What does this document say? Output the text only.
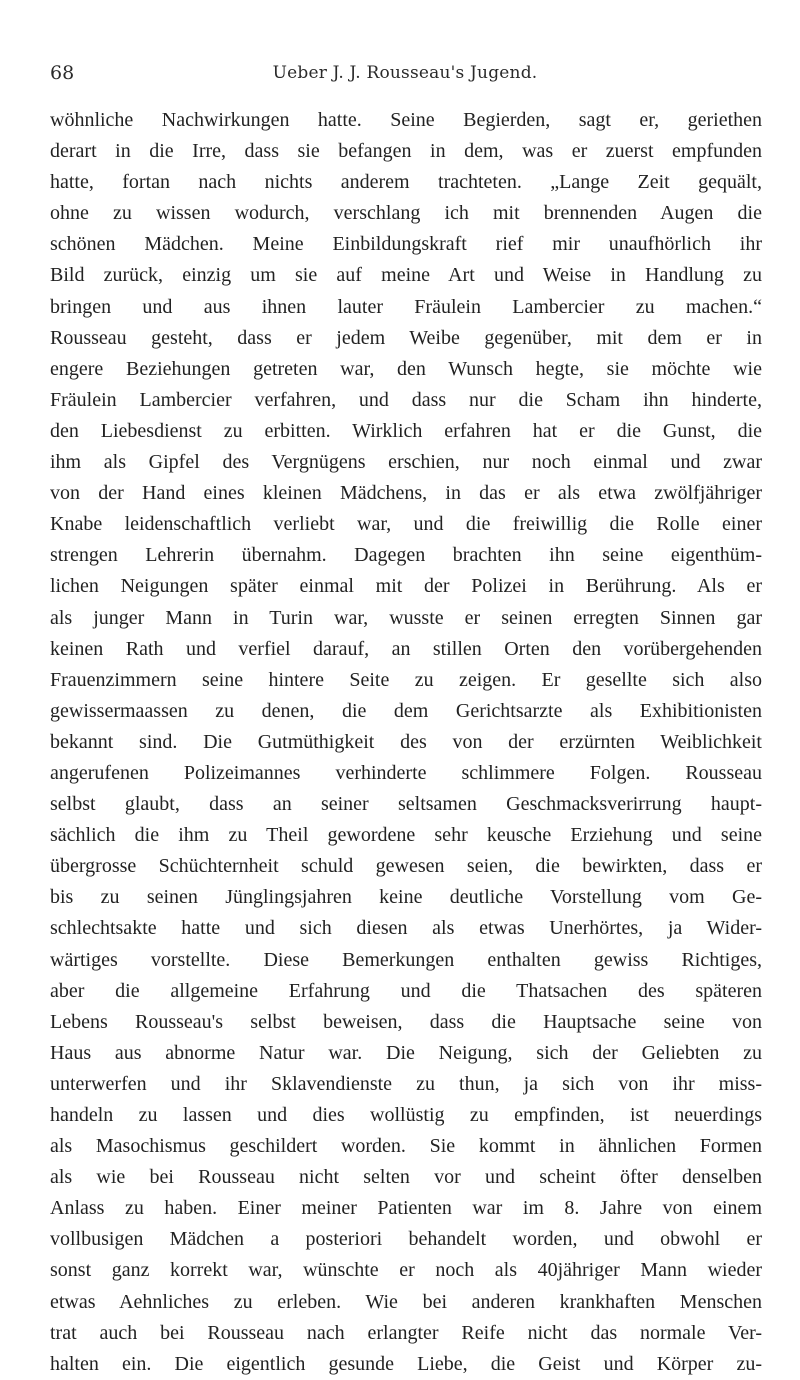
68	Ueber J. J. Rousseau's Jugend.
wöhnliche Nachwirkungen hatte. Seine Begierden, sagt er, geriethen
derart in die Irre, dass sie befangen in dem, was er zuerst empfunden
hatte, fortan nach nichts anderem trachteten. „Lange Zeit gequält,
ohne zu wissen wodurch, verschlang ich mit brennenden Augen die
schönen Mädchen. Meine Einbildungskraft rief mir unaufhörlich ihr
Bild zurück, einzig um sie auf meine Art und Weise in Handlung zu
bringen und aus ihnen lauter Fräulein Lambercier zu machen.“
Rousseau gesteht, dass er jedem Weibe gegenüber, mit dem er in
engere Beziehungen getreten war, den Wunsch hegte, sie möchte wie
Fräulein Lambercier verfahren, und dass nur die Scham ihn hinderte,
den Liebesdienst zu erbitten. Wirklich erfahren hat er die Gunst, die
ihm als Gipfel des Vergnügens erschien, nur noch einmal und zwar
von der Hand eines kleinen Mädchens, in das er als etwa zwölfjähriger
Knabe leidenschaftlich verliebt war, und die freiwillig die Rolle einer
strengen Lehrerin übernahm. Dagegen brachten ihn seine eigenthüm-
lichen Neigungen später einmal mit der Polizei in Berührung. Als er
als junger Mann in Turin war, wusste er seinen erregten Sinnen gar
keinen Rath und verfiel darauf, an stillen Orten den vorübergehenden
Frauenzimmern seine hintere Seite zu zeigen. Er gesellte sich also
gewissermaassen zu denen, die dem Gerichtsarzte als Exhibitionisten
bekannt sind. Die Gutmüthigkeit des von der erzürnten Weiblichkeit
angerufenen Polizeimannes verhinderte schlimmere Folgen. Rousseau
selbst glaubt, dass an seiner seltsamen Geschmacksverirrung haupt-
sächlich die ihm zu Theil gewordene sehr keusche Erziehung und seine
übergrosse Schüchternheit schuld gewesen seien, die bewirkten, dass er
bis zu seinen Jünglingsjahren keine deutliche Vorstellung vom Ge-
schlechtsakte hatte und sich diesen als etwas Unerhörtes, ja Wider-
wärtiges vorstellte. Diese Bemerkungen enthalten gewiss Richtiges,
aber die allgemeine Erfahrung und die Thatsachen des späteren
Lebens Rousseau's selbst beweisen, dass die Hauptsache seine von
Haus aus abnorme Natur war. Die Neigung, sich der Geliebten zu
unterwerfen und ihr Sklavendienste zu thun, ja sich von ihr miss-
handeln zu lassen und dies wollüstig zu empfinden, ist neuerdings
als Masochismus geschildert worden. Sie kommt in ähnlichen Formen
als wie bei Rousseau nicht selten vor und scheint öfter denselben
Anlass zu haben. Einer meiner Patienten war im 8. Jahre von einem
vollbusigen Mädchen a posteriori behandelt worden, und obwohl er
sonst ganz korrekt war, wünschte er noch als 40jähriger Mann wieder
etwas Aehnliches zu erleben. Wie bei anderen krankhaften Menschen
trat auch bei Rousseau nach erlangter Reife nicht das normale Ver-
halten ein. Die eigentlich gesunde Liebe, die Geist und Körper zu-
